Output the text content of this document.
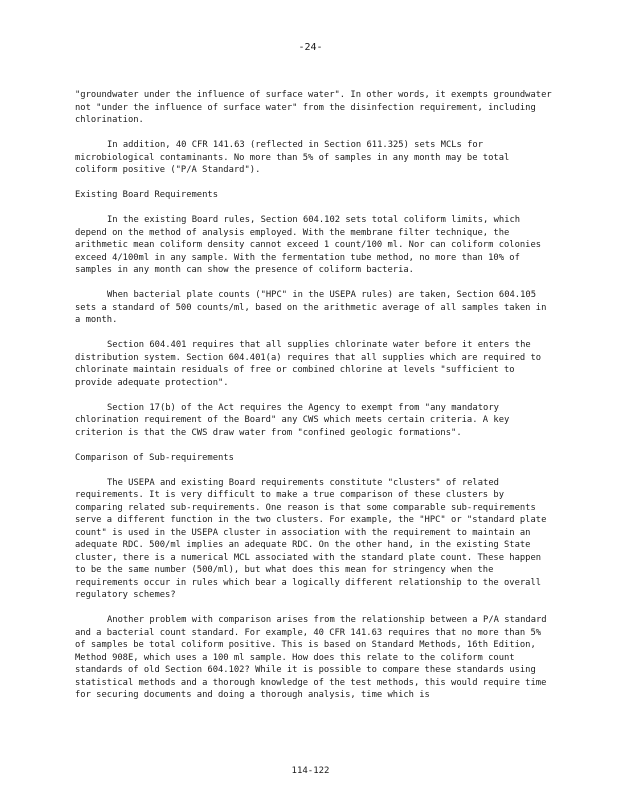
-24-

"groundwater under the influence of surface water". In other words, it exempts groundwater not "under the influence of surface water" from the disinfection requirement, including chlorination.

In addition, 40 CFR 141.63 (reflected in Section 611.325) sets MCLs for microbiological contaminants. No more than 5% of samples in any month may be total coliform positive ("P/A Standard").

Existing Board Requirements

In the existing Board rules, Section 604.102 sets total coliform limits, which depend on the method of analysis employed. With the membrane filter technique, the arithmetic mean coliform density cannot exceed 1 count/100 ml. Nor can coliform colonies exceed 4/100ml in any sample. With the fermentation tube method, no more than 10% of samples in any month can show the presence of coliform bacteria.

When bacterial plate counts ("HPC" in the USEPA rules) are taken, Section 604.105 sets a standard of 500 counts/ml, based on the arithmetic average of all samples taken in a month.

Section 604.401 requires that all supplies chlorinate water before it enters the distribution system. Section 604.401(a) requires that all supplies which are required to chlorinate maintain residuals of free or combined chlorine at levels "sufficient to provide adequate protection".

Section 17(b) of the Act requires the Agency to exempt from "any mandatory chlorination requirement of the Board" any CWS which meets certain criteria. A key criterion is that the CWS draw water from "confined geologic formations".

Comparison of Sub-requirements

The USEPA and existing Board requirements constitute "clusters" of related requirements. It is very difficult to make a true comparison of these clusters by comparing related sub-requirements. One reason is that some comparable sub-requirements serve a different function in the two clusters. For example, the "HPC" or "standard plate count" is used in the USEPA cluster in association with the requirement to maintain an adequate RDC. 500/ml implies an adequate RDC. On the other hand, in the existing State cluster, there is a numerical MCL associated with the standard plate count. These happen to be the same number (500/ml), but what does this mean for stringency when the requirements occur in rules which bear a logically different relationship to the overall regulatory schemes?

Another problem with comparison arises from the relationship between a P/A standard and a bacterial count standard. For example, 40 CFR 141.63 requires that no more than 5% of samples be total coliform positive. This is based on Standard Methods, 16th Edition, Method 908E, which uses a 100 ml sample. How does this relate to the coliform count standards of old Section 604.102? While it is possible to compare these standards using statistical methods and a thorough knowledge of the test methods, this would require time for securing documents and doing a thorough analysis, time which is

114-122
